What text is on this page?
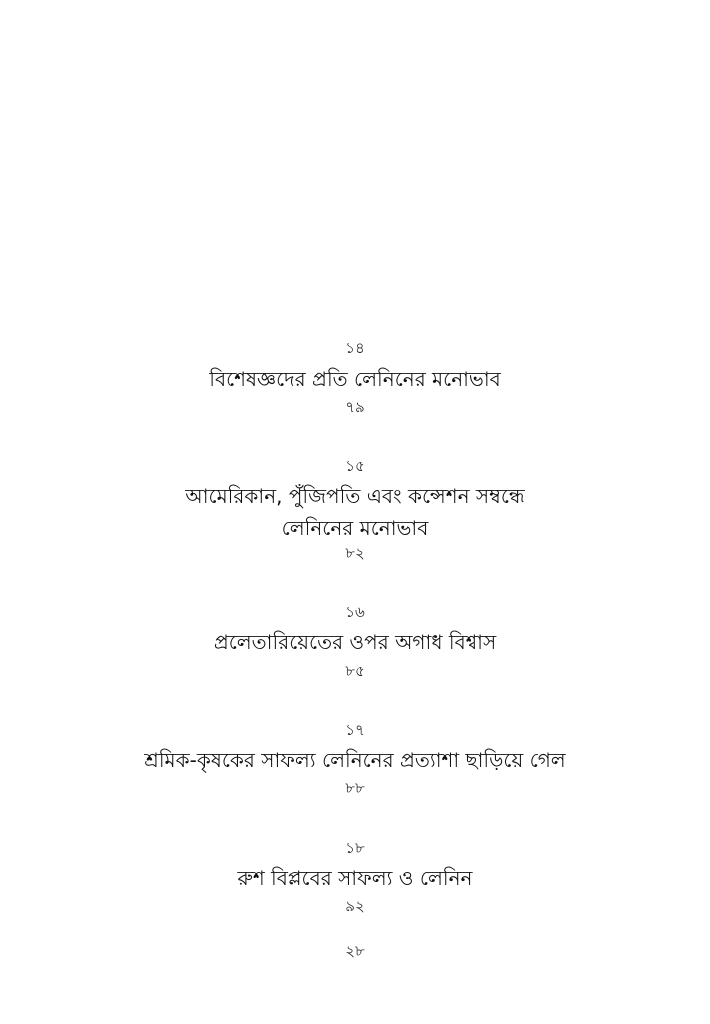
১৪
বিশেষজ্ঞদের প্রতি লেনিনের মনোভাব
৭৯
১৫
আমেরিকান, পুঁজিপতি এবং কন্সেশন সম্বন্ধে
লেনিনের মনোভাব
৮২
১৬
প্রলেতারিয়েতের ওপর অগাধ বিশ্বাস
৮৫
১৭
শ্রমিক-কৃষকের সাফল্য লেনিনের প্রত্যাশা ছাড়িয়ে গেল
৮৮
১৮
রুশ বিপ্লবের সাফল্য ও লেনিন
৯২
২৮
